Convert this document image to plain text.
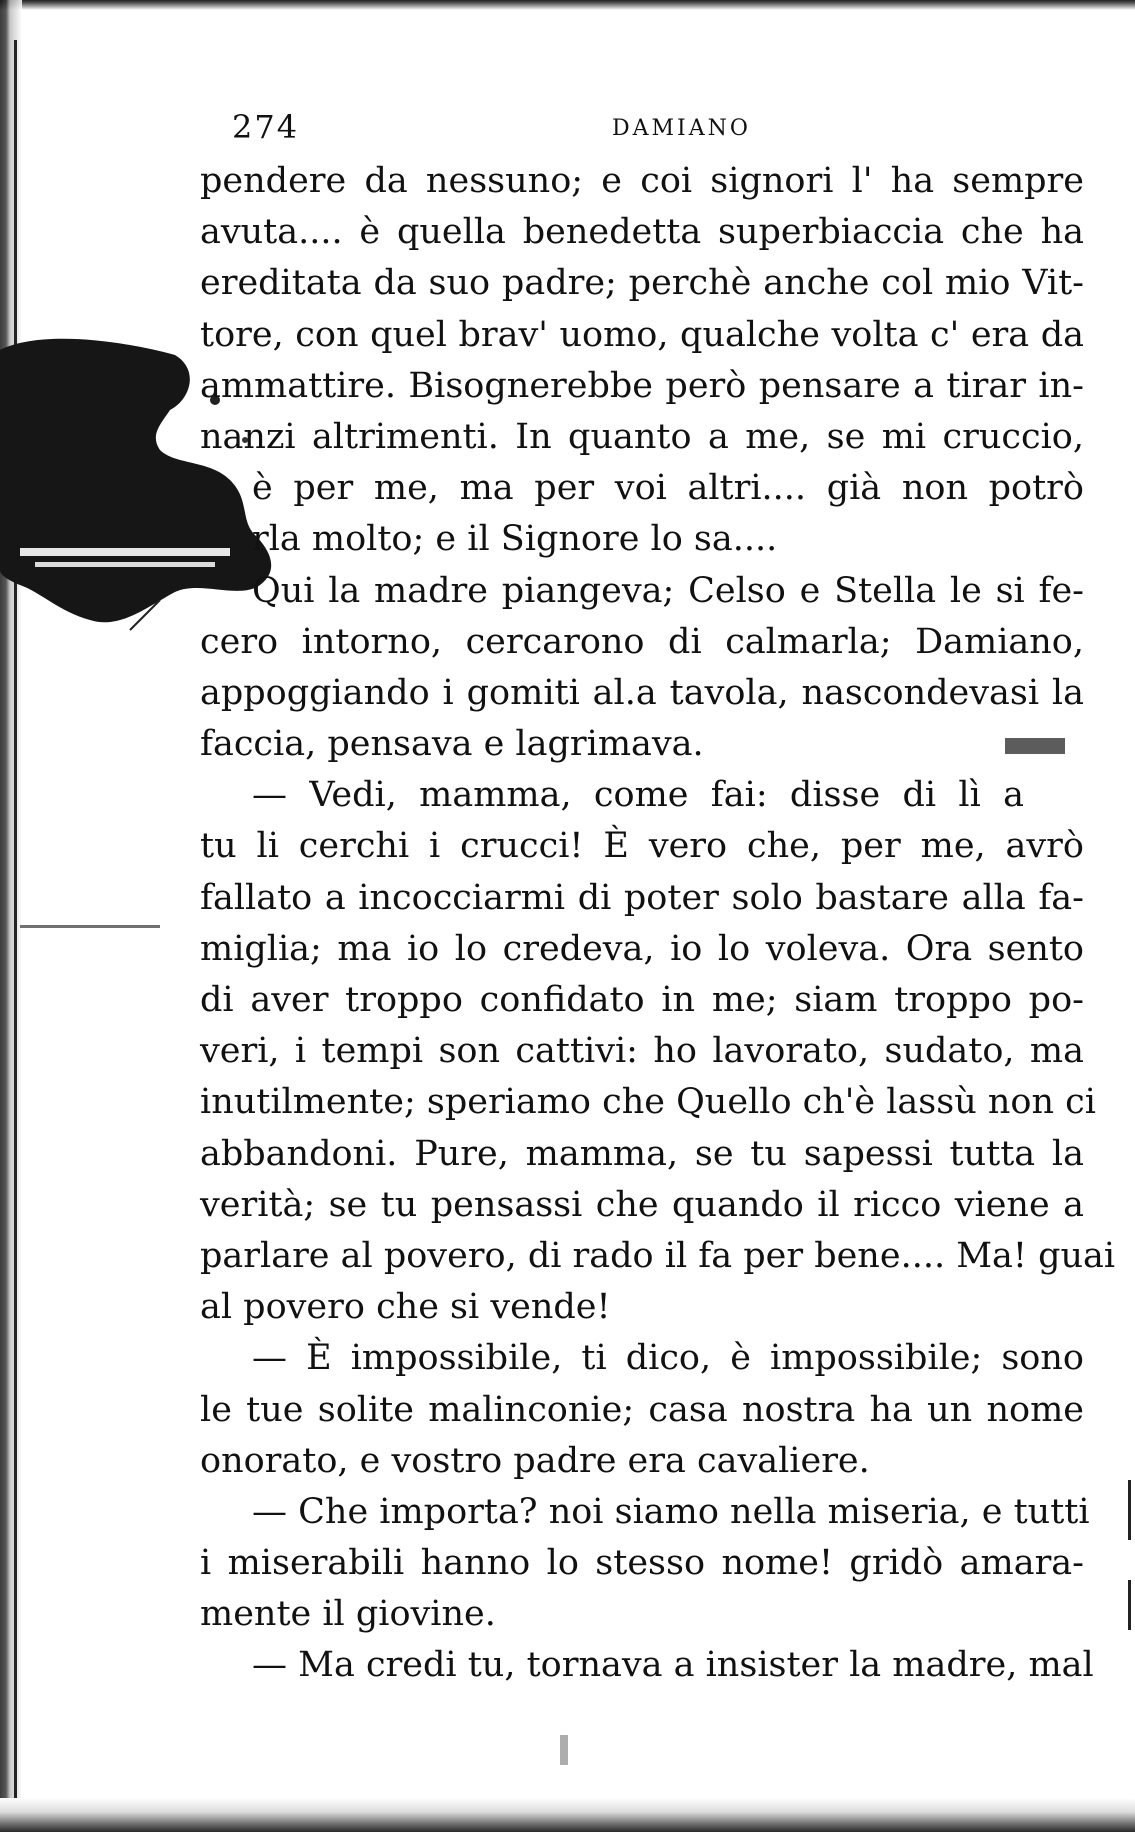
274	DAMIANO
pendere da nessuno; e coi signori l' ha sempre
avuta.... è quella benedetta superbiaccia che ha
ereditata da suo padre; perchè anche col mio Vit-
tore, con quel brav' uomo, qualche volta c' era da
ammattire. Bisognerebbe però pensare a tirar in-
nanzi altrimenti. In quanto a me, se mi cruccio,
è per me, ma per voi altri.... già non potrò
rla molto; e il Signore lo sa....
Qui la madre piangeva; Celso e Stella le si fe-
cero intorno, cercarono di calmarla; Damiano,
appoggiando i gomiti al.a tavola, nascondevasi la
faccia, pensava e lagrimava.
— Vedi, mamma, come fai: disse di lì a
tu li cerchi i crucci! È vero che, per me, avrò
fallato a incocciarmi di poter solo bastare alla fa-
miglia; ma io lo credeva, io lo voleva. Ora sento
di aver troppo confidato in me; siam troppo po-
veri, i tempi son cattivi: ho lavorato, sudato, ma
inutilmente; speriamo che Quello ch'è lassù non ci
abbandoni. Pure, mamma, se tu sapessi tutta la
verità; se tu pensassi che quando il ricco viene a
parlare al povero, di rado il fa per bene.... Ma! guai
al povero che si vende!
— È impossibile, ti dico, è impossibile; sono
le tue solite malinconie; casa nostra ha un nome
onorato, e vostro padre era cavaliere.
— Che importa? noi siamo nella miseria, e tutti
i miserabili hanno lo stesso nome! gridò amara-
mente il giovine.
— Ma credi tu, tornava a insister la madre, mal
